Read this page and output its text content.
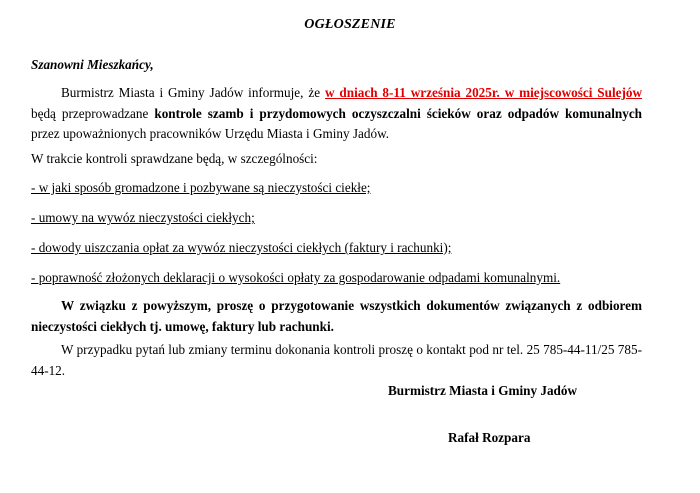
OGŁOSZENIE
Szanowni Mieszkańcy,
Burmistrz Miasta i Gminy Jadów informuje, że w dniach 8-11 września 2025r. w miejscowości Sulejów będą przeprowadzane kontrole szamb i przydomowych oczyszczalni ścieków oraz odpadów komunalnych przez upoważnionych pracowników Urzędu Miasta i Gminy Jadów.
W trakcie kontroli sprawdzane będą, w szczególności:
- w jaki sposób gromadzone i pozbywane są nieczystości ciekłe;
- umowy na wywóz nieczystości ciekłych;
- dowody uiszczania opłat za wywóz nieczystości ciekłych (faktury i rachunki);
- poprawność złożonych deklaracji o wysokości opłaty za gospodarowanie odpadami komunalnymi.
W związku z powyższym, proszę o przygotowanie wszystkich dokumentów związanych z odbiorem nieczystości ciekłych tj. umowę, faktury lub rachunki.
W przypadku pytań lub zmiany terminu dokonania kontroli proszę o kontakt pod nr tel. 25 785-44-11/25 785-44-12.
Burmistrz Miasta i Gminy Jadów
Rafał Rozpara
